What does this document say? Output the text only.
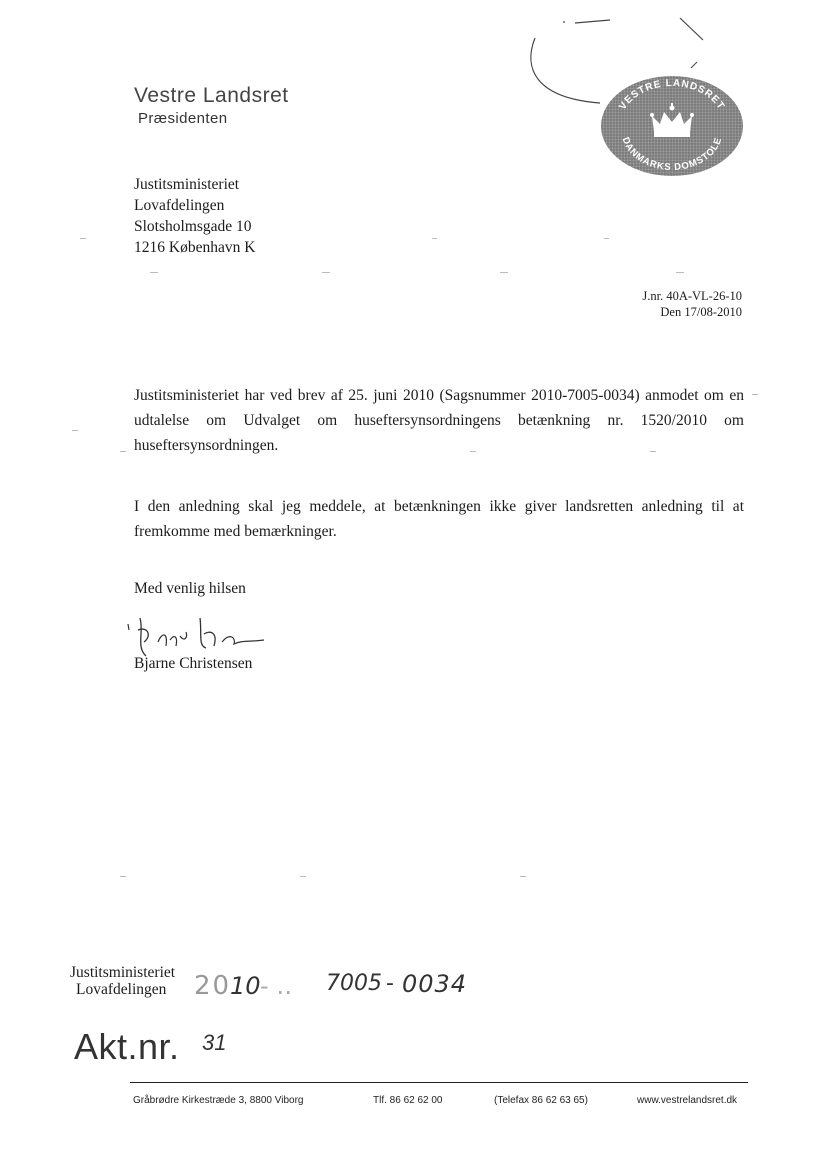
Vestre Landsret
Præsidenten
VESTRE LANDSRET
DANMARKS DOMSTOLE
Justitsministeriet
Lovafdelingen
Slotsholmsgade 10
1216 København K
J.nr. 40A-VL-26-10
Den 17/08-2010
Justitsministeriet har ved brev af 25. juni 2010 (Sagsnummer 2010-7005-0034) anmodet om en udtalelse om Udvalget om huseftersynsordningens betænkning nr. 1520/2010 om huseftersynsordningen.
I den anledning skal jeg meddele, at betænkningen ikke giver landsretten anledning til at fremkomme med bemærkninger.
Med venlig hilsen
Bjarne Christensen
Justitsministeriet
Lovafdelingen	20
10 - ‥ 7005 - 0034
Akt.nr. 31
Gråbrødre Kirkestræde 3, 8800 Viborg	Tlf. 86 62 62 00	(Telefax 86 62 63 65)	www.vestrelandsret.dk
